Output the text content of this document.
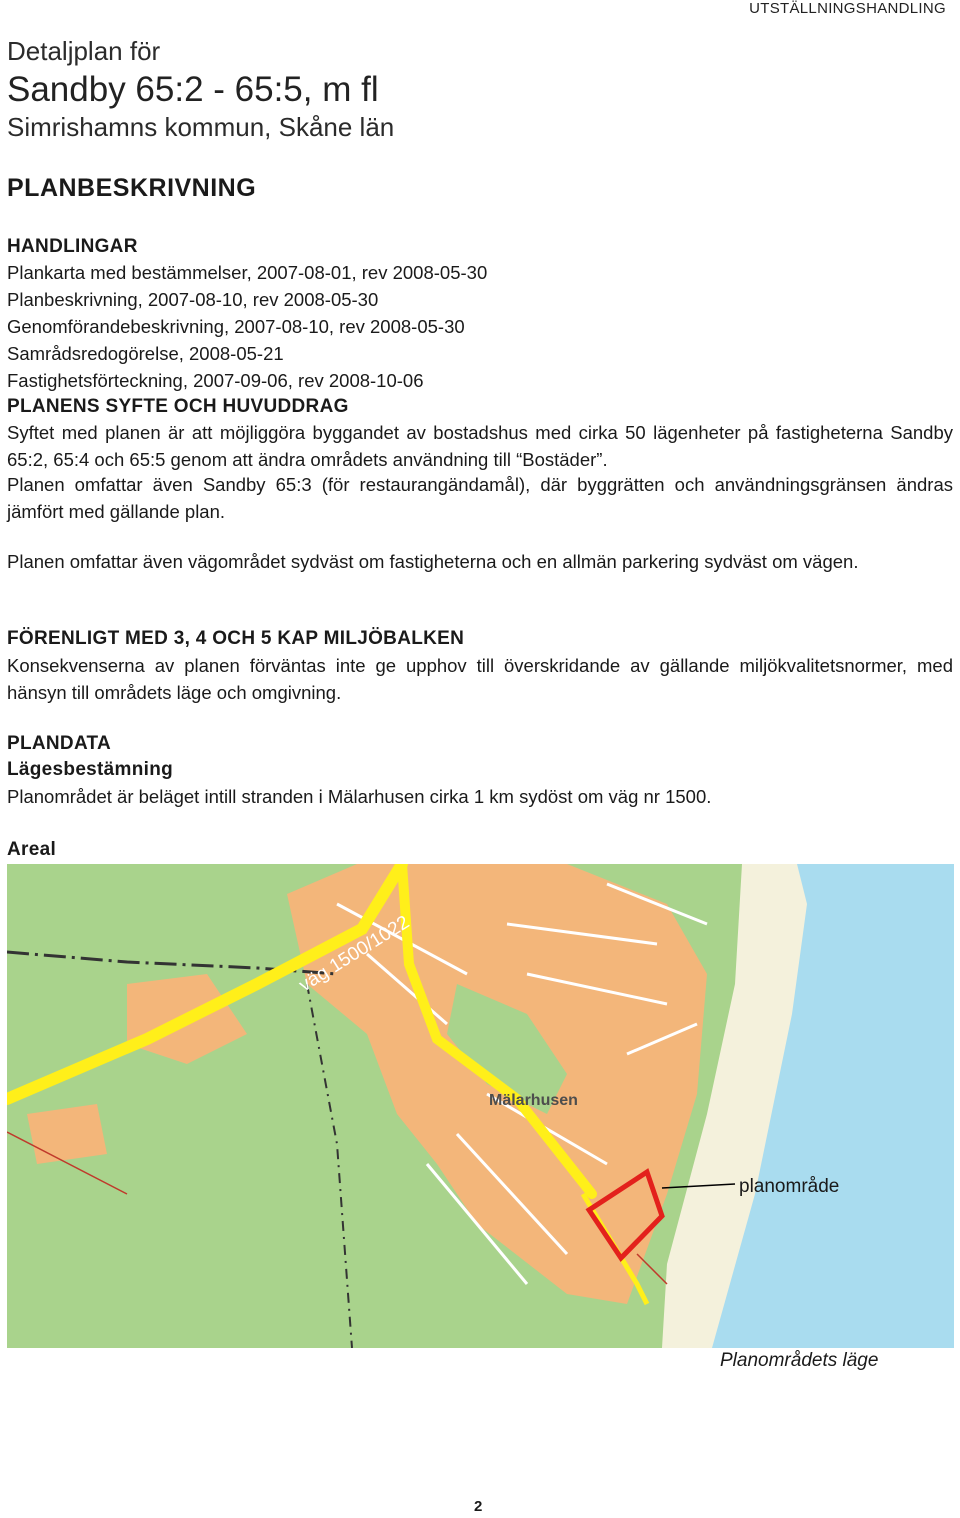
UTSTÄLLNINGSHANDLING
Detaljplan för
Sandby 65:2 - 65:5, m fl
Simrishamns kommun, Skåne län
PLANBESKRIVNING
HANDLINGAR
Plankarta med bestämmelser, 2007-08-01, rev 2008-05-30
Planbeskrivning, 2007-08-10, rev 2008-05-30
Genomförandebeskrivning, 2007-08-10, rev 2008-05-30
Samrådsredogörelse, 2008-05-21
Fastighetsförteckning, 2007-09-06, rev 2008-10-06
PLANENS SYFTE OCH HUVUDDRAG

Syftet med planen är att möjliggöra byggandet av bostadshus med cirka 50 lägenheter på fastigheterna Sandby 65:2, 65:4 och 65:5 genom att ändra områdets användning till “Bostäder”.

Planen omfattar även Sandby 65:3 (för restaurangändamål), där byggrätten och användningsgränsen ändras jämfört med gällande plan.

Planen omfattar även vägområdet sydväst om fastigheterna och en allmän parkering sydväst om vägen.

FÖRENLIGT MED 3, 4 OCH 5 KAP MILJÖBALKEN

Konsekvenserna av planen förväntas inte ge upphov till överskridande av gällande miljökvalitetsnormer, med hänsyn till områdets läge och omgivning.

PLANDATA
Lägesbestämning
Planområdet är beläget intill stranden i Mälarhusen cirka 1 km sydöst om väg nr 1500.
Areal
väg 1500/1022
Mälarhusen
planområde
Planområdets läge
2
